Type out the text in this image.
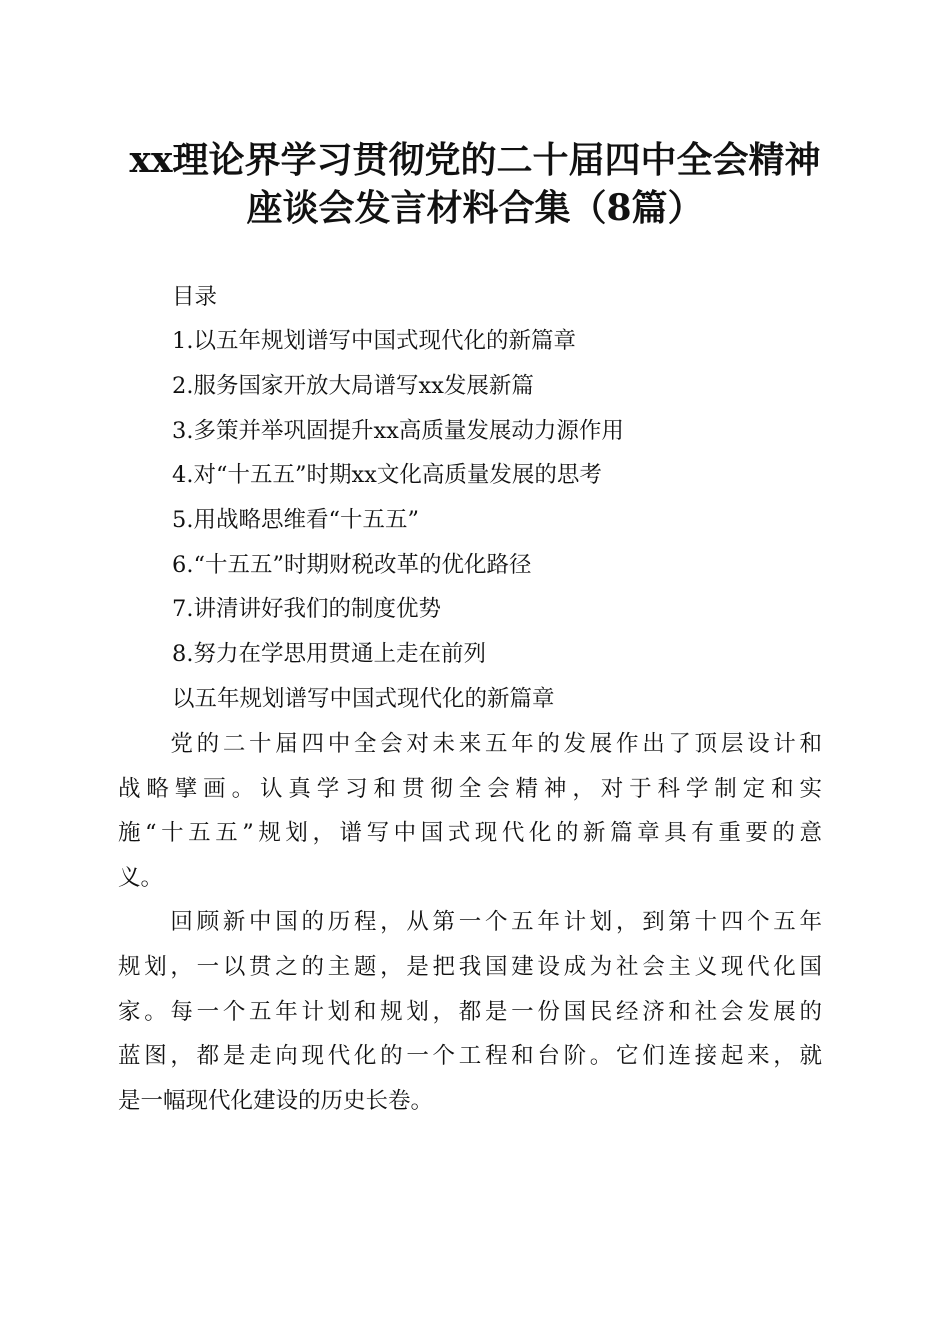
xx理论界学习贯彻党的二十届四中全会精神
座谈会发言材料合集（8篇）
目录
1.以五年规划谱写中国式现代化的新篇章
2.服务国家开放大局谱写xx发展新篇
3.多策并举巩固提升xx高质量发展动力源作用
4.对“十五五”时期xx文化高质量发展的思考
5.用战略思维看“十五五”
6.“十五五”时期财税改革的优化路径
7.讲清讲好我们的制度优势
8.努力在学思用贯通上走在前列
以五年规划谱写中国式现代化的新篇章
　　党的二十届四中全会对未来五年的发展作出了顶层设计和
战略擘画。认真学习和贯彻全会精神，对于科学制定和实
施“十五五”规划，谱写中国式现代化的新篇章具有重要的意
义。
　　回顾新中国的历程，从第一个五年计划，到第十四个五年
规划，一以贯之的主题，是把我国建设成为社会主义现代化国
家。每一个五年计划和规划，都是一份国民经济和社会发展的
蓝图，都是走向现代化的一个工程和台阶。它们连接起来，就
是一幅现代化建设的历史长卷。
